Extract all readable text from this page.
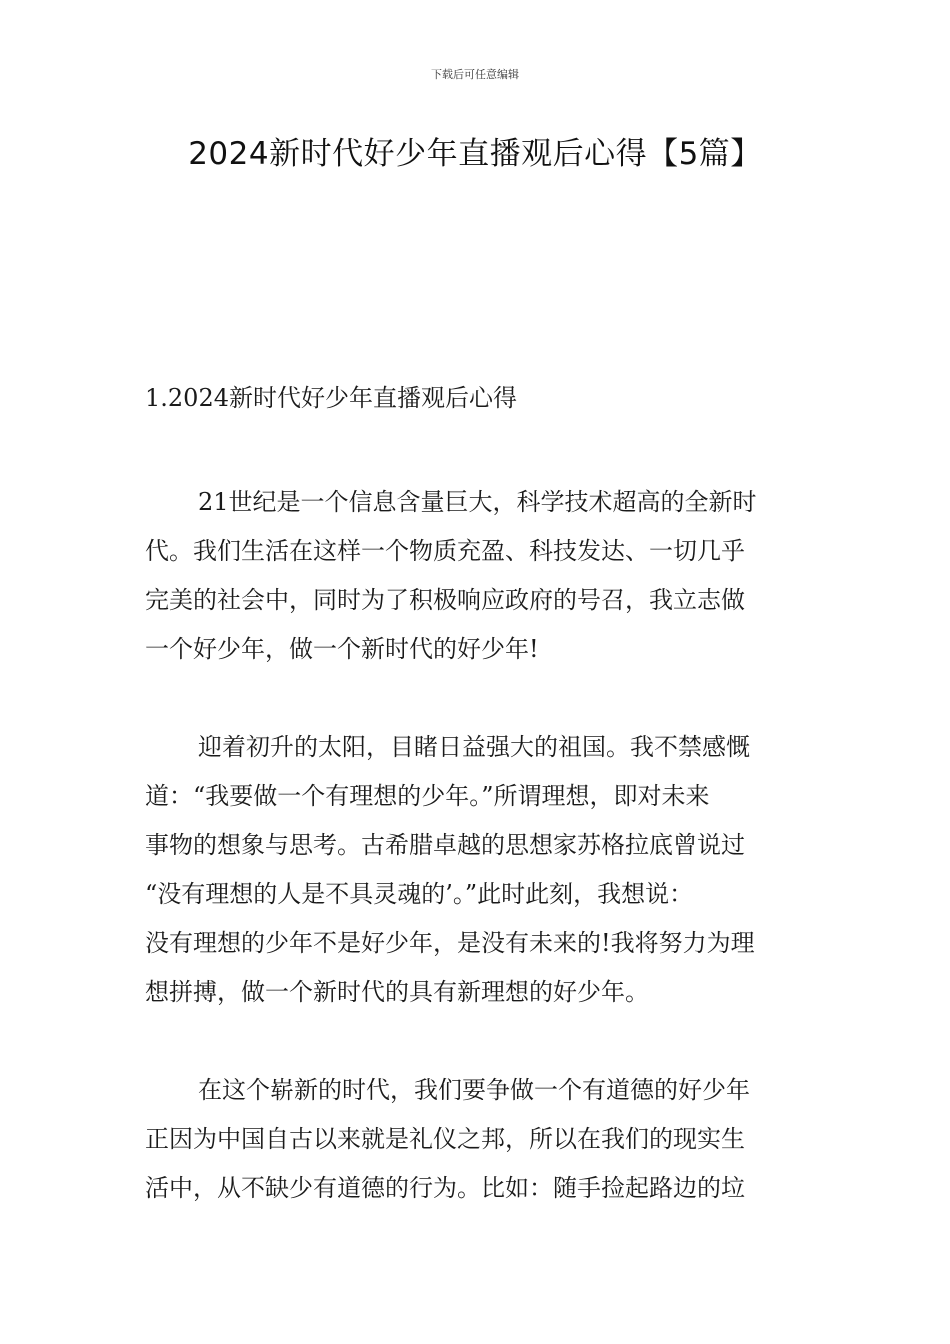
下载后可任意编辑
2024新时代好少年直播观后心得【5篇】
1.2024新时代好少年直播观后心得
21世纪是一个信息含量巨大，科学技术超高的全新时
代。我们生活在这样一个物质充盈、科技发达、一切几乎
完美的社会中，同时为了积极响应政府的号召，我立志做
一个好少年，做一个新时代的好少年!
迎着初升的太阳，目睹日益强大的祖国。我不禁感慨
道：“我要做一个有理想的少年。”所谓理想，即对未来
事物的想象与思考。古希腊卓越的思想家苏格拉底曾说过
“没有理想的人是不具灵魂的’。”此时此刻，我想说：
没有理想的少年不是好少年，是没有未来的!我将努力为理
想拼搏，做一个新时代的具有新理想的好少年。
在这个崭新的时代，我们要争做一个有道德的好少年
正因为中国自古以来就是礼仪之邦，所以在我们的现实生
活中，从不缺少有道德的行为。比如：随手捡起路边的垃
